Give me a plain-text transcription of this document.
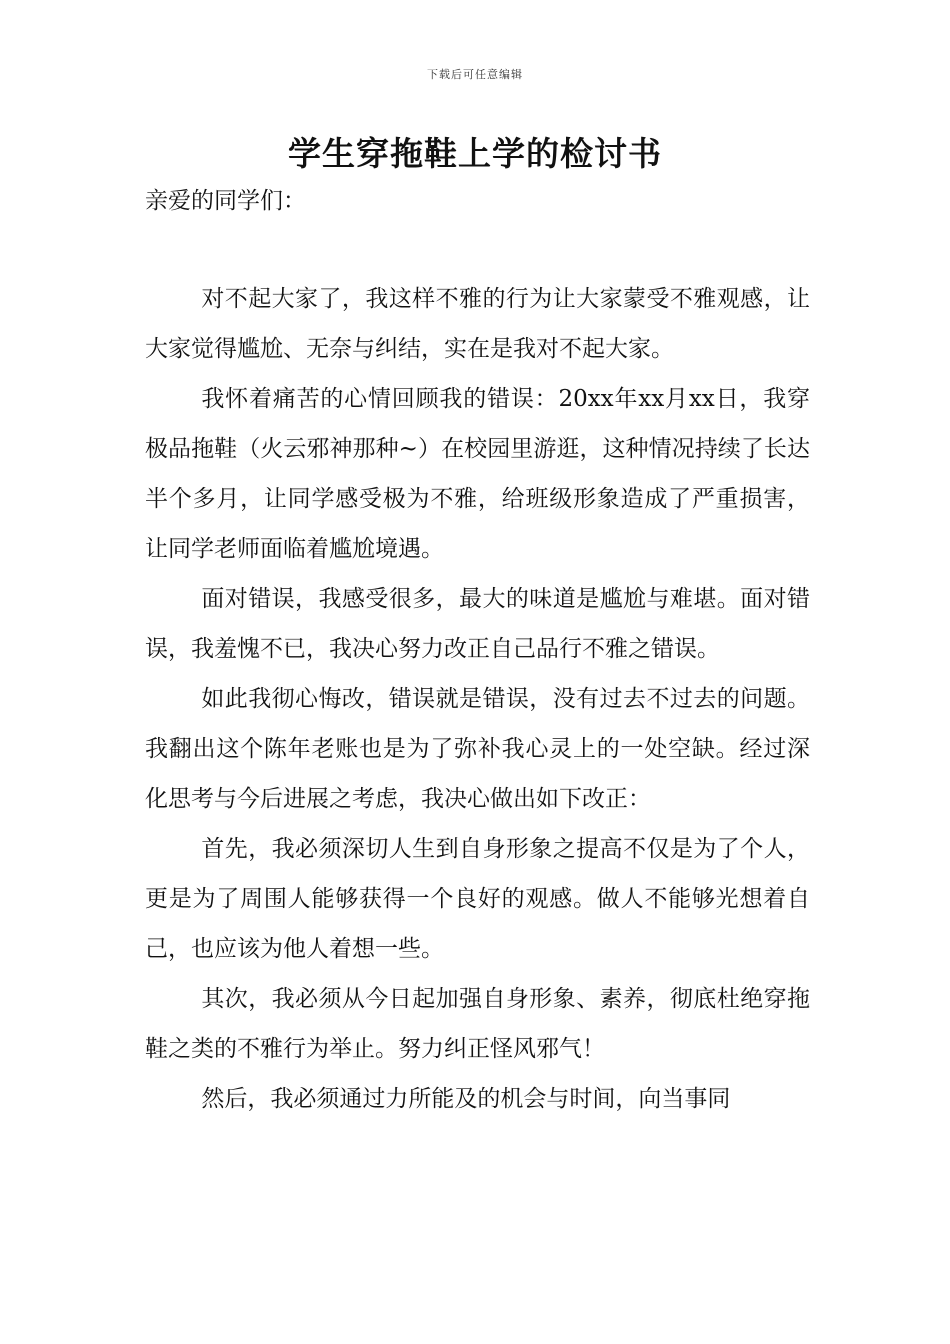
下载后可任意编辑
学生穿拖鞋上学的检讨书
亲爱的同学们：

对不起大家了，我这样不雅的行为让大家蒙受不雅观感，让大家觉得尴尬、无奈与纠结，实在是我对不起大家。

我怀着痛苦的心情回顾我的错误：20xx年xx月xx日，我穿极品拖鞋（火云邪神那种~）在校园里游逛，这种情况持续了长达半个多月，让同学感受极为不雅，给班级形象造成了严重损害，让同学老师面临着尴尬境遇。

面对错误，我感受很多，最大的味道是尴尬与难堪。面对错误，我羞愧不已，我决心努力改正自己品行不雅之错误。

如此我彻心悔改，错误就是错误，没有过去不过去的问题。我翻出这个陈年老账也是为了弥补我心灵上的一处空缺。经过深化思考与今后进展之考虑，我决心做出如下改正：

首先，我必须深切人生到自身形象之提高不仅是为了个人，更是为了周围人能够获得一个良好的观感。做人不能够光想着自己，也应该为他人着想一些。

其次，我必须从今日起加强自身形象、素养，彻底杜绝穿拖鞋之类的不雅行为举止。努力纠正怪风邪气！

然后，我必须通过力所能及的机会与时间，向当事同
